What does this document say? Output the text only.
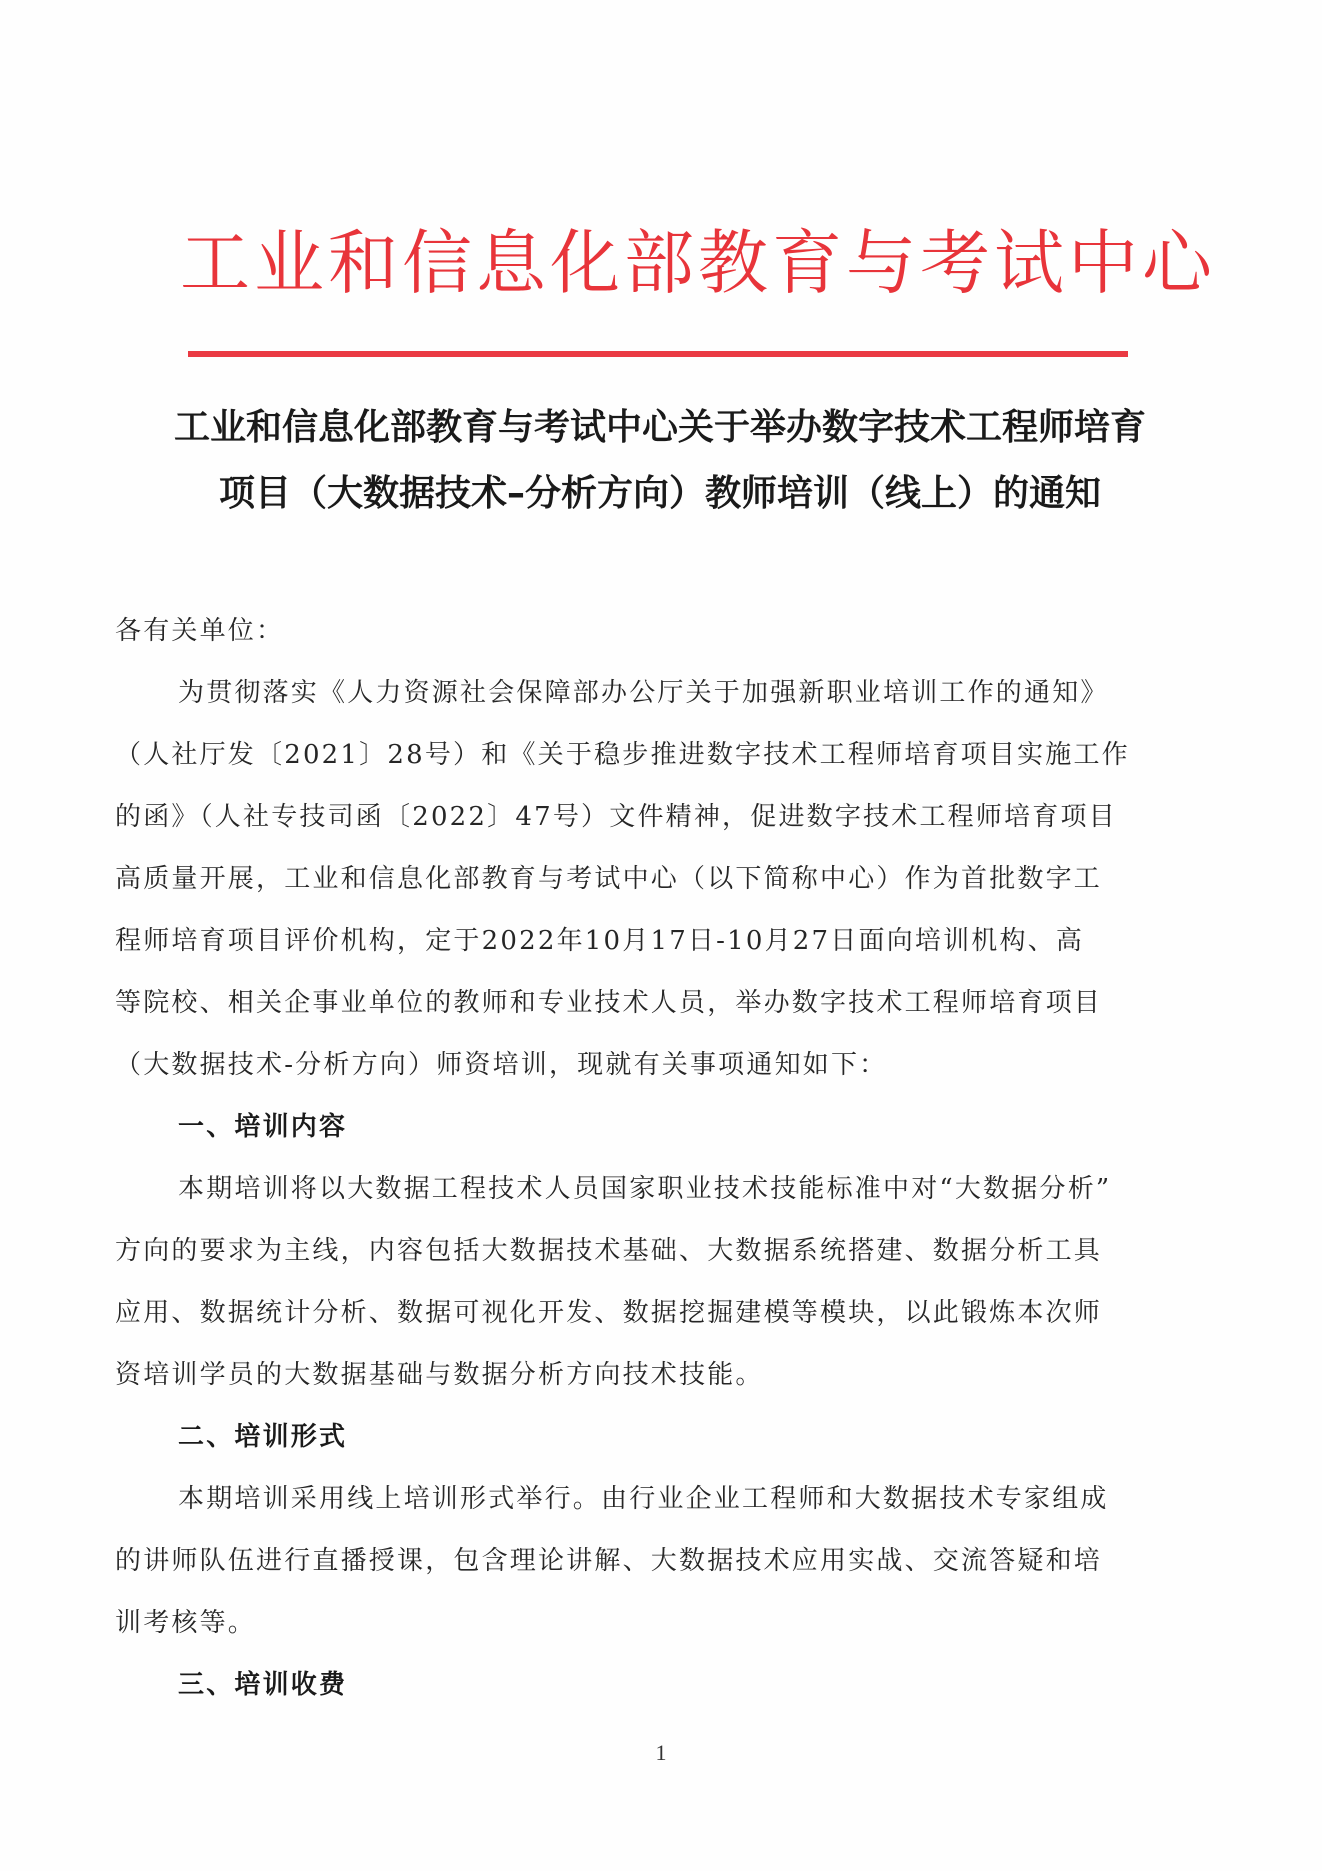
工业和信息化部教育与考试中心
工业和信息化部教育与考试中心关于举办数字技术工程师培育
项目（大数据技术–分析方向）教师培训（线上）的通知
各有关单位：
为贯彻落实《人力资源社会保障部办公厅关于加强新职业培训工作的通知》
（人社厅发〔2021〕28号）和《关于稳步推进数字技术工程师培育项目实施工作
的函》（人社专技司函〔2022〕47号）文件精神，促进数字技术工程师培育项目
高质量开展，工业和信息化部教育与考试中心（以下简称中心）作为首批数字工
程师培育项目评价机构，定于2022年10月17日-10月27日面向培训机构、高
等院校、相关企事业单位的教师和专业技术人员，举办数字技术工程师培育项目
（大数据技术-分析方向）师资培训，现就有关事项通知如下：
一、培训内容
本期培训将以大数据工程技术人员国家职业技术技能标准中对“大数据分析”
方向的要求为主线，内容包括大数据技术基础、大数据系统搭建、数据分析工具
应用、数据统计分析、数据可视化开发、数据挖掘建模等模块，以此锻炼本次师
资培训学员的大数据基础与数据分析方向技术技能。
二、培训形式
本期培训采用线上培训形式举行。由行业企业工程师和大数据技术专家组成
的讲师队伍进行直播授课，包含理论讲解、大数据技术应用实战、交流答疑和培
训考核等。
三、培训收费
1
